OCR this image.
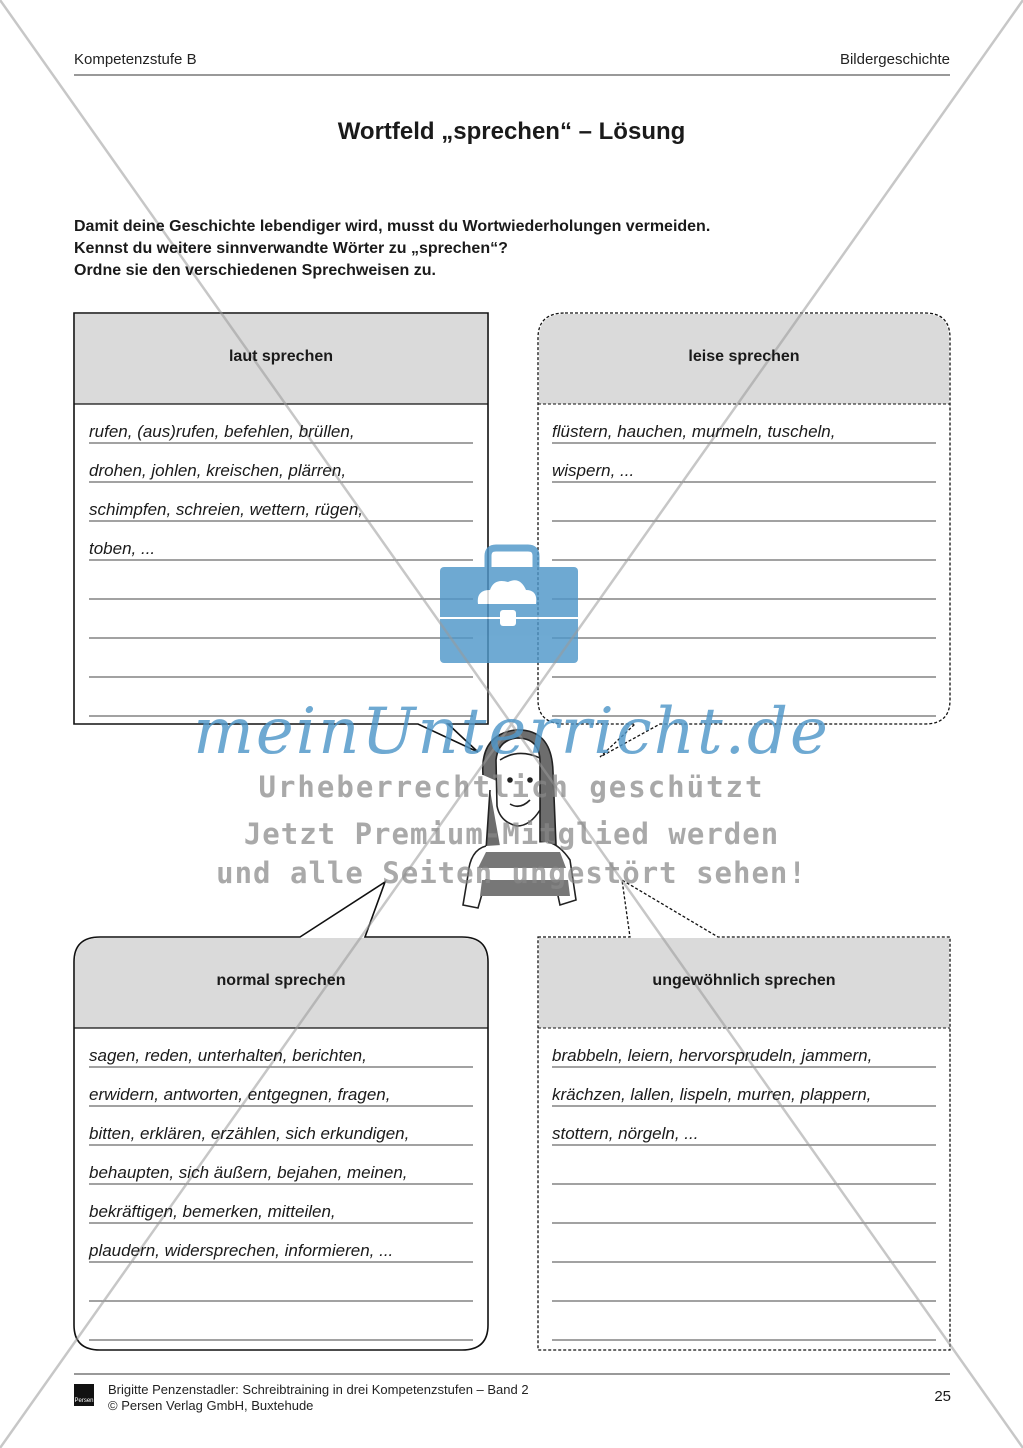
Kompetenzstufe B	Bildergeschichte
Wortfeld „sprechen“ – Lösung
Damit deine Geschichte lebendiger wird, musst du Wortwiederholungen vermeiden.
Kennst du weitere sinnverwandte Wörter zu „sprechen“?
Ordne sie den verschiedenen Sprechweisen zu.
laut sprechen	leise sprechen
normal sprechen	ungewöhnlich sprechen
rufen, (aus)rufen, befehlen, brüllen,
drohen, johlen, kreischen, plärren,
schimpfen, schreien, wettern, rügen,
toben, ...
flüstern, hauchen, murmeln, tuscheln,
wispern, ...
sagen, reden, unterhalten, berichten,
erwidern, antworten, entgegnen, fragen,
bitten, erklären, erzählen, sich erkundigen,
behaupten, sich äußern, bejahen, meinen,
bekräftigen, bemerken, mitteilen,
plaudern, widersprechen, informieren, ...
brabbeln, leiern, hervorsprudeln, jammern,
krächzen, lallen, lispeln, murren, plappern,
stottern, nörgeln, ...
meinUnterricht.de
Urheberrechtlich geschützt
Jetzt Premium-Mitglied werden
und alle Seiten ungestört sehen!
Persen
Brigitte Penzenstadler: Schreibtraining in drei Kompetenzstufen – Band 2
© Persen Verlag GmbH, Buxtehude
25
